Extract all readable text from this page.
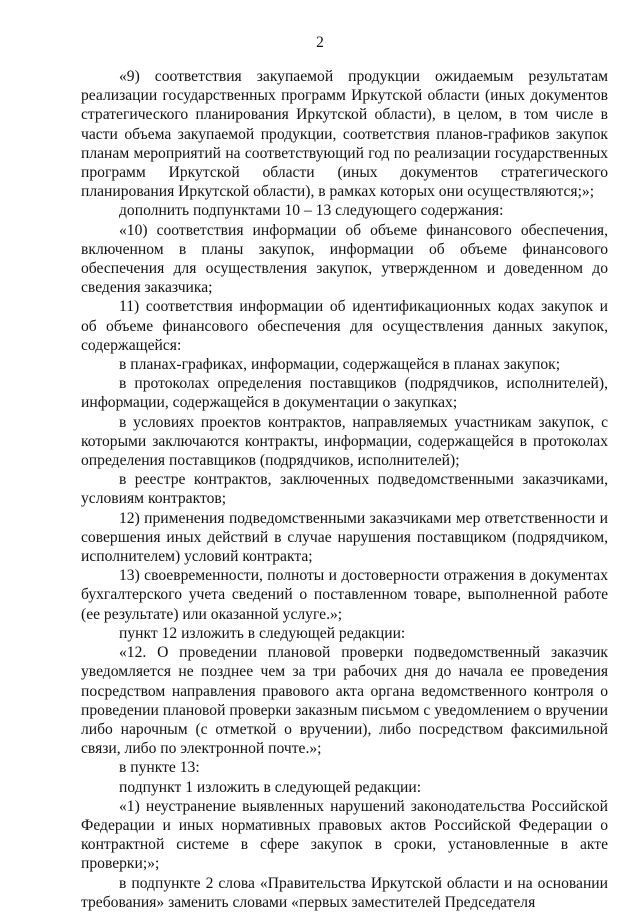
2

«9) соответствия закупаемой продукции ожидаемым результатам реализации государственных программ Иркутской области (иных документов стратегического планирования Иркутской области), в целом, в том числе в части объема закупаемой продукции, соответствия планов-графиков закупок планам мероприятий на соответствующий год по реализации государственных программ Иркутской области (иных документов стратегического планирования Иркутской области), в рамках которых они осуществляются;»;

дополнить подпунктами 10 – 13 следующего содержания:

«10) соответствия информации об объеме финансового обеспечения, включенном в планы закупок, информации об объеме финансового обеспечения для осуществления закупок, утвержденном и доведенном до сведения заказчика;

11) соответствия информации об идентификационных кодах закупок и об объеме финансового обеспечения для осуществления данных закупок, содержащейся:

в планах-графиках, информации, содержащейся в планах закупок;

в протоколах определения поставщиков (подрядчиков, исполнителей), информации, содержащейся в документации о закупках;

в условиях проектов контрактов, направляемых участникам закупок, с которыми заключаются контракты, информации, содержащейся в протоколах определения поставщиков (подрядчиков, исполнителей);

в реестре контрактов, заключенных подведомственными заказчиками, условиям контрактов;

12) применения подведомственными заказчиками мер ответственности и совершения иных действий в случае нарушения поставщиком (подрядчиком, исполнителем) условий контракта;

13) своевременности, полноты и достоверности отражения в документах бухгалтерского учета сведений о поставленном товаре, выполненной работе (ее результате) или оказанной услуге.»;

пункт 12 изложить в следующей редакции:

«12. О проведении плановой проверки подведомственный заказчик уведомляется не позднее чем за три рабочих дня до начала ее проведения посредством направления правового акта органа ведомственного контроля о проведении плановой проверки заказным письмом с уведомлением о вручении либо нарочным (с отметкой о вручении), либо посредством факсимильной связи, либо по электронной почте.»;

в пункте 13:

подпункт 1 изложить в следующей редакции:

«1) неустранение выявленных нарушений законодательства Российской Федерации и иных нормативных правовых актов Российской Федерации о контрактной системе в сфере закупок в сроки, установленные в акте проверки;»;

в подпункте 2 слова «Правительства Иркутской области и на основании требования» заменить словами «первых заместителей Председателя
